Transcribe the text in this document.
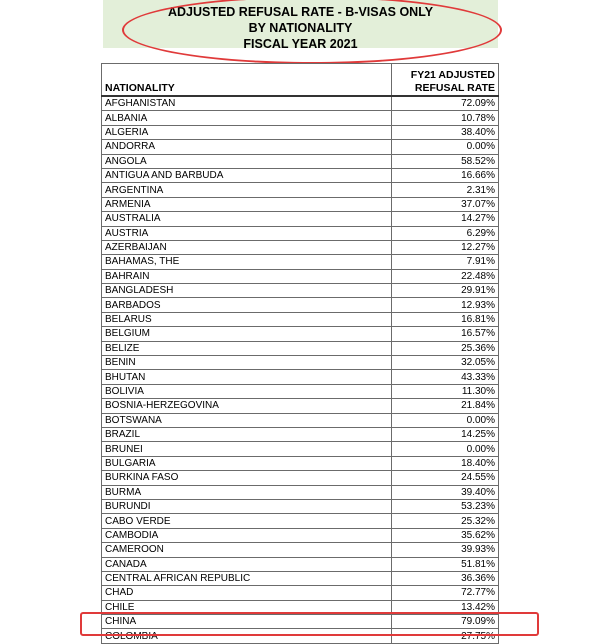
ADJUSTED REFUSAL RATE - B-VISAS ONLY
BY NATIONALITY
FISCAL YEAR 2021
NATIONALITY	FY21 ADJUSTED
REFUSAL RATE
AFGHANISTAN	72.09%
ALBANIA	10.78%
ALGERIA	38.40%
ANDORRA	0.00%
ANGOLA	58.52%
ANTIGUA AND BARBUDA	16.66%
ARGENTINA	2.31%
ARMENIA	37.07%
AUSTRALIA	14.27%
AUSTRIA	6.29%
AZERBAIJAN	12.27%
BAHAMAS, THE	7.91%
BAHRAIN	22.48%
BANGLADESH	29.91%
BARBADOS	12.93%
BELARUS	16.81%
BELGIUM	16.57%
BELIZE	25.36%
BENIN	32.05%
BHUTAN	43.33%
BOLIVIA	11.30%
BOSNIA-HERZEGOVINA	21.84%
BOTSWANA	0.00%
BRAZIL	14.25%
BRUNEI	0.00%
BULGARIA	18.40%
BURKINA FASO	24.55%
BURMA	39.40%
BURUNDI	53.23%
CABO VERDE	25.32%
CAMBODIA	35.62%
CAMEROON	39.93%
CANADA	51.81%
CENTRAL AFRICAN REPUBLIC	36.36%
CHAD	72.77%
CHILE	13.42%
CHINA	79.09%
COLOMBIA	27.75%
